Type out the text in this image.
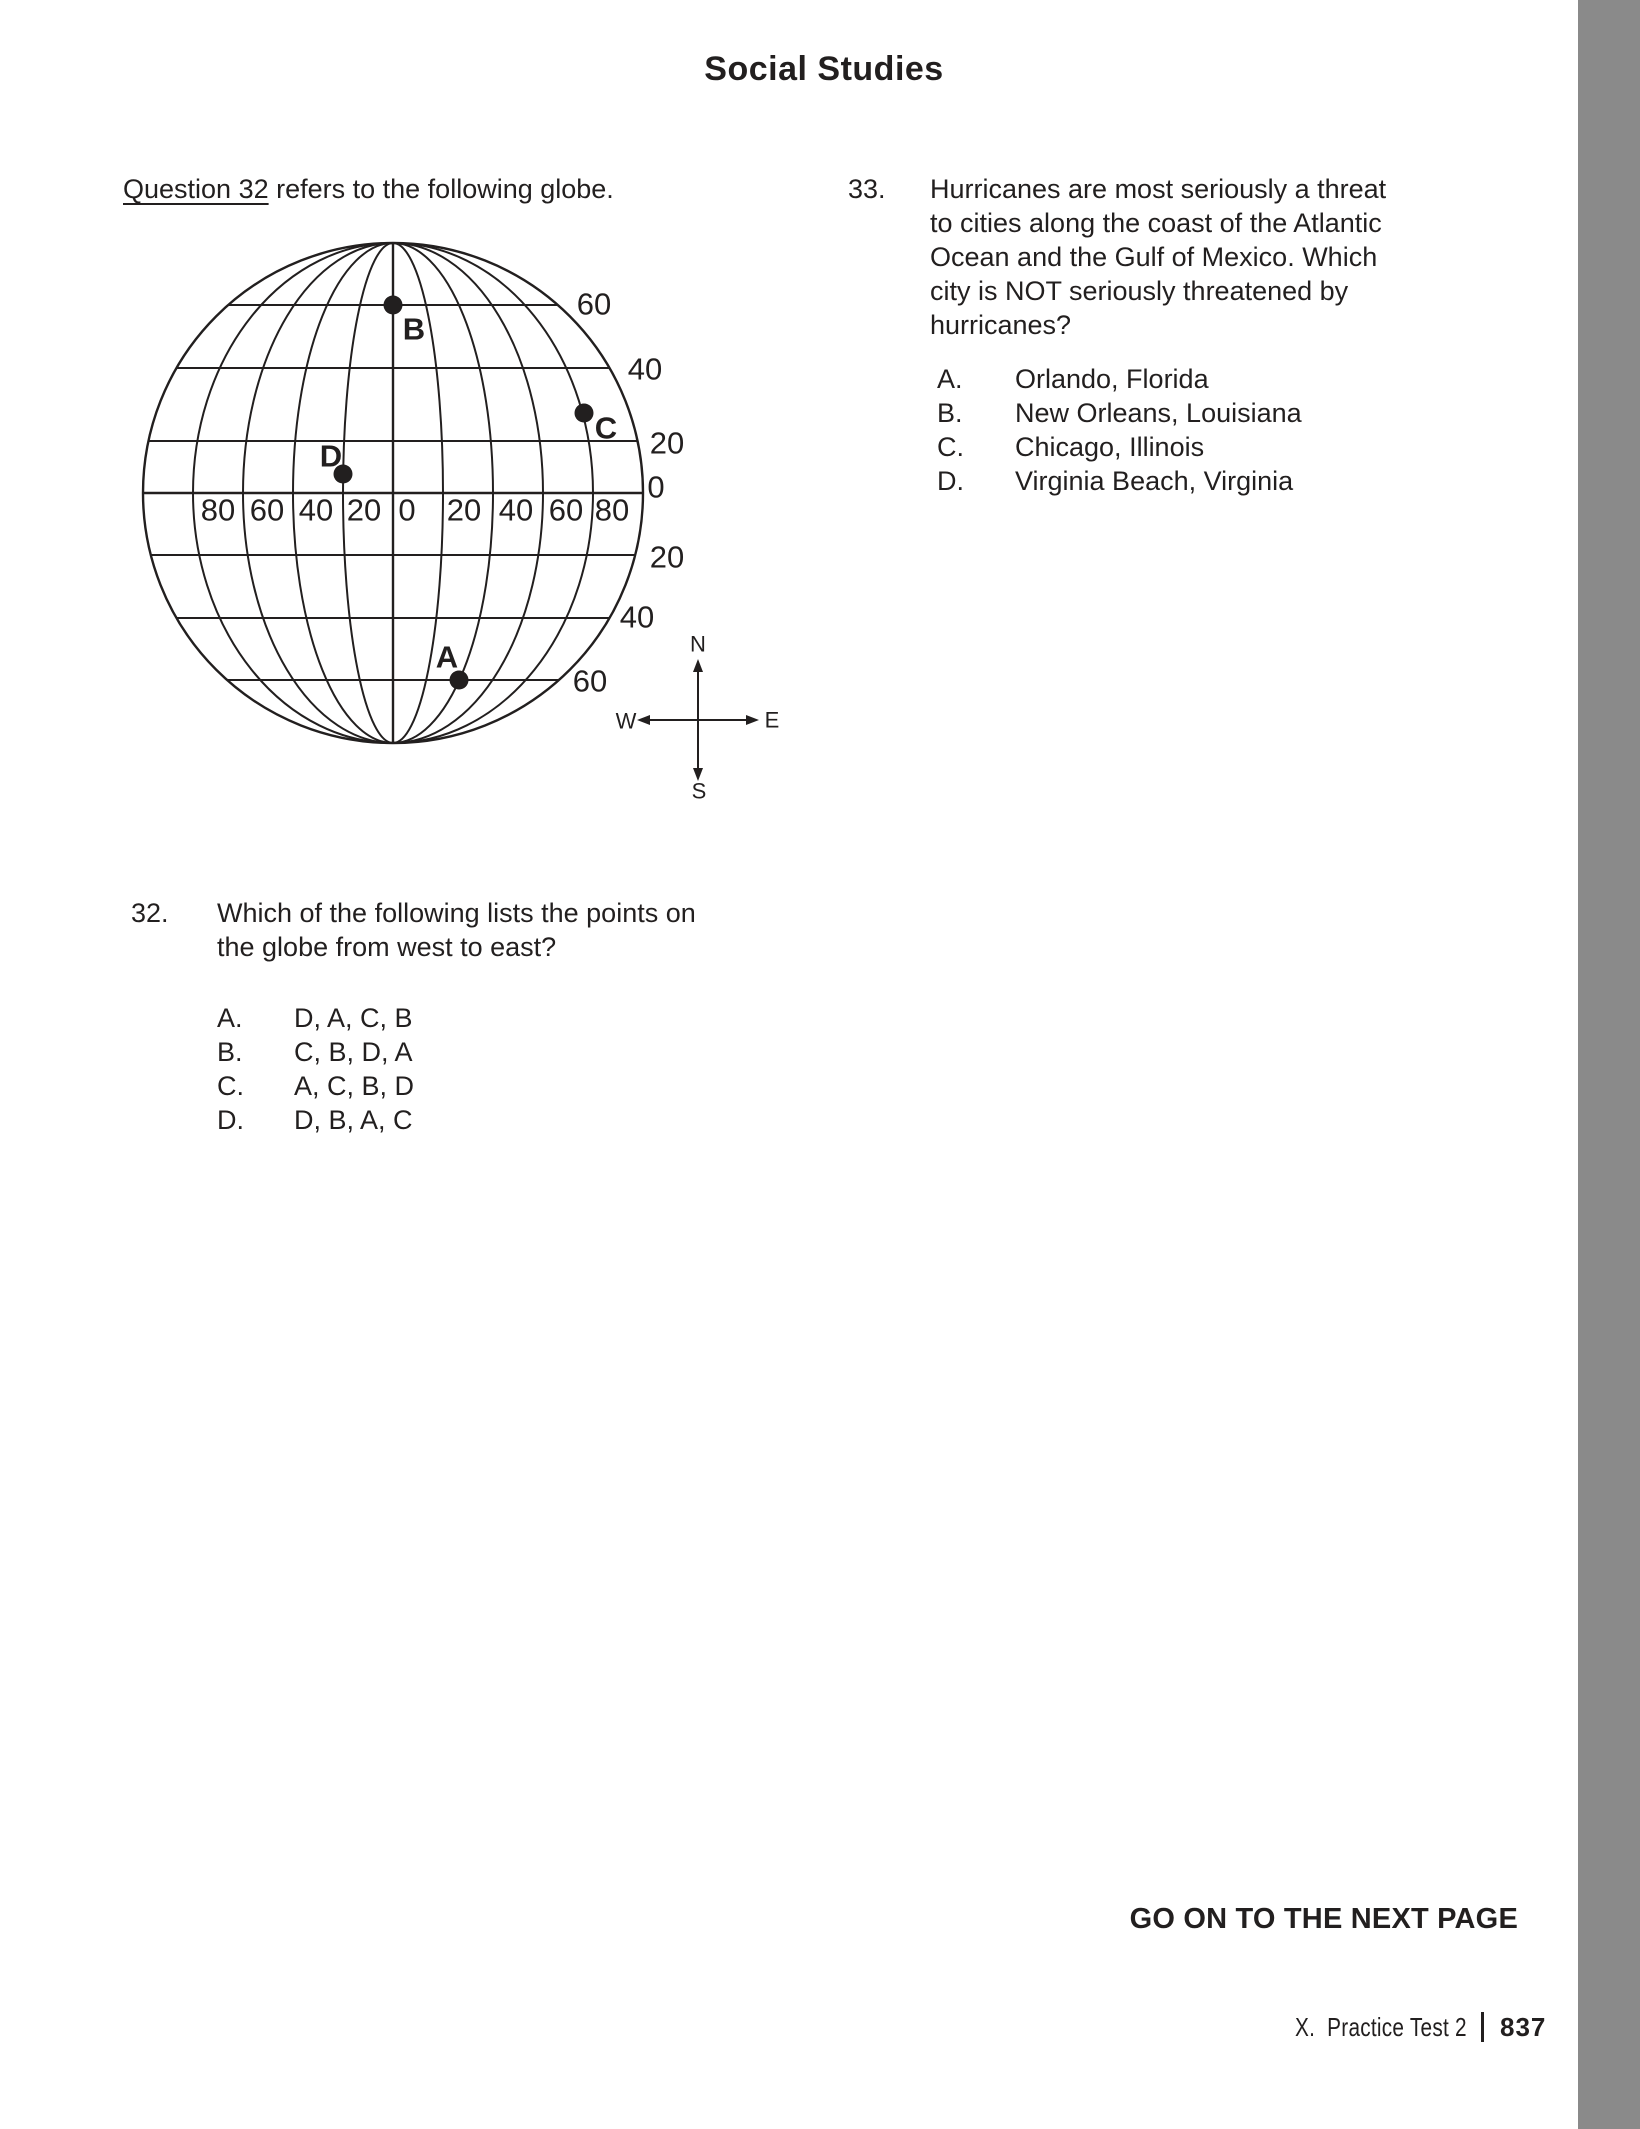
Social Studies
Question 32 refers to the following globe.
80 60 40 20 0 20 40 60 80
60
40
20
0
20
40
60
B
C
D
A	N
S
W	E
32. Which of the following lists the points on
the globe from west to east?
A.	D, A, C, B
B.	C, B, D, A
C.	A, C, B, D
D.	D, B, A, C
33. Hurricanes are most seriously a threat
to cities along the coast of the Atlantic
Ocean and the Gulf of Mexico. Which
city is NOT seriously threatened by
hurricanes?
A.	Orlando, Florida
B.	New Orleans, Louisiana
C.	Chicago, Illinois
D.	Virginia Beach, Virginia
GO ON TO THE NEXT PAGE
X.  Practice Test 2 837
